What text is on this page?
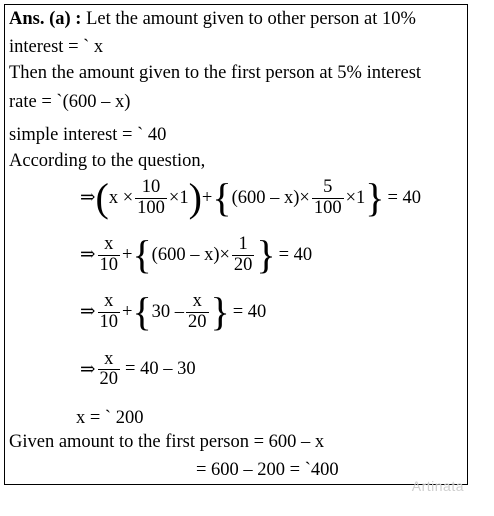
Ans. (a) : Let the amount given to other person at 10%
interest = ` x
Then the amount given to the first person at 5% interest
rate = `(600 – x)
simple interest = ` 40
According to the question,
⇒ ( $x \times \frac{10}{100} \times 1$ ) + { $(600 - x)\times \frac{5}{100} \times 1$ } = 40
⇒ $\frac{x}{10}$ + { $(600 - x)\times \frac{1}{20}$ } = 40
⇒ $\frac{x}{10}$ + { $30 - \frac{x}{20}$ } = 40
⇒ $\frac{x}{20} = 40 - 30$
x = ` 200
Given amount to the first person = 600 – x
= 600 – 200 = `400
Artinata
